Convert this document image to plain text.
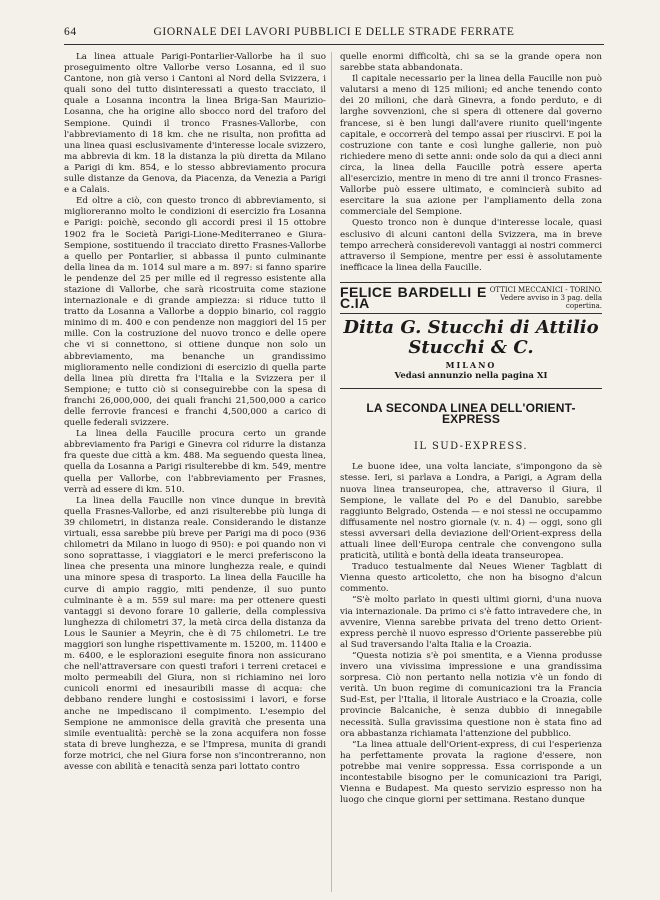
64	GIORNALE DEI LAVORI PUBBLICI E DELLE STRADE FERRATE

La linea attuale Parigi-Pontarlier-Vallorbe ha il suo proseguimento oltre Vallorbe verso Losanna, ed il suo Cantone, non già verso i Cantoni al Nord della Svizzera, i quali sono del tutto disinteressati a questo tracciato, il quale a Losanna incontra la linea Briga-San Maurizio-Losanna, che ha origine allo sbocco nord del traforo del Sempione. Quindi il tronco Frasnes-Vallorbe, con l'abbreviamento di 18 km. che ne risulta, non profitta ad una linea quasi esclusivamente d'interesse locale svizzero, ma abbrevia di km. 18 la distanza la più diretta da Milano a Parigi di km. 854, e lo stesso abbreviamento procura sulle distanze da Genova, da Piacenza, da Venezia a Parigi e a Calais.

Ed oltre a ciò, con questo tronco di abbreviamento, si miglioreranno molto le condizioni di esercizio fra Losanna e Parigi: poichè, secondo gli accordi presi il 15 ottobre 1902 fra le Società Parigi-Lione-Mediterraneo e Giura-Sempione, sostituendo il tracciato diretto Frasnes-Vallorbe a quello per Pontarlier, si abbassa il punto culminante della linea da m. 1014 sul mare a m. 897: si fanno sparire le pendenze del 25 per mille ed il regresso esistente alla stazione di Vallorbe, che sarà ricostruita come stazione internazionale e di grande ampiezza: si riduce tutto il tratto da Losanna a Vallorbe a doppio binario, col raggio minimo di m. 400 e con pendenze non maggiori del 15 per mille. Con la costruzione del nuovo tronco e delle opere che vi si connettono, si ottiene dunque non solo un abbreviamento, ma benanche un grandissimo miglioramento nelle condizioni di esercizio di quella parte della linea più diretta fra l'Italia e la Svizzera per il Sempione; e tutto ciò si conseguirebbe con la spesa di franchi 26,000,000, dei quali franchi 21,500,000 a carico delle ferrovie francesi e franchi 4,500,000 a carico di quelle federali svizzere.

La linea della Faucille procura certo un grande abbreviamento fra Parigi e Ginevra col ridurre la distanza fra queste due città a km. 488. Ma seguendo questa linea, quella da Losanna a Parigi risulterebbe di km. 549, mentre quella per Vallorbe, con l'abbreviamento per Frasnes, verrà ad essere di km. 510.

La linea della Faucille non vince dunque in brevità quella Frasnes-Vallorbe, ed anzi risulterebbe più lunga di 39 chilometri, in distanza reale. Considerando le distanze virtuali, essa sarebbe più breve per Parigi ma di poco (936 chilometri da Milano in luogo di 950): e poi quando non vi sono soprattasse, i viaggiatori e le merci preferiscono la linea che presenta una minore lunghezza reale, e quindi una minore spesa di trasporto. La linea della Faucille ha curve di ampio raggio, miti pendenze, il suo punto culminante è a m. 559 sul mare: ma per ottenere questi vantaggi si devono forare 10 gallerie, della complessiva lunghezza di chilometri 37, la metà circa della distanza da Lous le Saunier a Meyrin, che è di 75 chilometri. Le tre maggiori son lunghe rispettivamente m. 15200, m. 11400 e m. 6400, e le esplorazioni eseguite finora non assicurano che nell'attraversare con questi trafori i terreni cretacei e molto permeabili del Giura, non si richiamino nei loro cunicoli enormi ed inesauribili masse di acqua: che debbano rendere lunghi e costosissimi i lavori, e forse anche ne impediscano il compimento. L'esempio del Sempione ne ammonisce della gravità che presenta una simile eventualità: perchè se la zona acquifera non fosse stata di breve lunghezza, e se l'Impresa, munita di grandi forze motrici, che nel Giura forse non s'incontreranno, non avesse con abilità e tenacità senza pari lottato contro

quelle enormi difficoltà, chi sa se la grande opera non sarebbe stata abbandonata.

Il capitale necessario per la linea della Faucille non può valutarsi a meno di 125 milioni; ed anche tenendo conto dei 20 milioni, che darà Ginevra, a fondo perduto, e di larghe sovvenzioni, che si spera di ottenere dal governo francese, si è ben lungi dall'avere riunito quell'ingente capitale, e occorrerà del tempo assai per riuscirvi. E poi la costruzione con tante e così lunghe gallerie, non può richiedere meno di sette anni: onde solo da qui a dieci anni circa, la linea della Faucille potrà essere aperta all'esercizio, mentre in meno di tre anni il tronco Frasnes-Vallorbe può essere ultimato, e comincierà subito ad esercitare la sua azione per l'ampliamento della zona commerciale del Sempione.

Questo tronco non è dunque d'interesse locale, quasi esclusivo di alcuni cantoni della Svizzera, ma in breve tempo arrecherà considerevoli vantaggi ai nostri commerci attraverso il Sempione, mentre per essi è assolutamente inefficace la linea della Faucille.

FELICE BARDELLI E C.IA
OTTICI MECCANICI - TORINO.
Vedere avviso in 3 pag. della copertina.
Ditta G. Stucchi di Attilio Stucchi & C.
MILANO
Vedasi annunzio nella pagina XI
LA SECONDA LINEA DELL'ORIENT-EXPRESS
IL SUD-EXPRESS.

Le buone idee, una volta lanciate, s'impongono da sè stesse. Ieri, si parlava a Londra, a Parigi, a Agram della nuova linea transeuropea, che, attraverso il Giura, il Sempione, le vallate del Po e del Danubio, sarebbe raggiunto Belgrado, Ostenda — e noi stessi ne occupammo diffusamente nel nostro giornale (v. n. 4) — oggi, sono gli stessi avversari della deviazione dell'Orient-express della attuali linee dell'Europa centrale che convengono sulla praticità, utilità e bontà della ideata transeuropea.

Traduco testualmente dal Neues Wiener Tagblatt di Vienna questo articoletto, che non ha bisogno d'alcun commento.

“S'è molto parlato in questi ultimi giorni, d'una nuova via internazionale. Da primo ci s'è fatto intravedere che, in avvenire, Vienna sarebbe privata del treno detto Orient-express perchè il nuovo espresso d'Oriente passerebbe più al Sud traversando l'alta Italia e la Croazia.

“Questa notizia s'è poi smentita, e a Vienna produsse invero una vivissima impressione e una grandissima sorpresa. Ciò non pertanto nella notizia v'è un fondo di verità. Un buon regime di comunicazioni tra la Francia Sud-Est, per l'Italia, il litorale Austriaco e la Croazia, colle provincie Balcaniche, è senza dubbio di innegabile necessità. Sulla gravissima questione non è stata fino ad ora abbastanza richiamata l'attenzione del pubblico.

“La linea attuale dell'Orient-express, di cui l'esperienza ha perfettamente provata la ragione d'essere, non potrebbe mai venire soppressa. Essa corrisponde a un incontestabile bisogno per le comunicazioni tra Parigi, Vienna e Budapest. Ma questo servizio espresso non ha luogo che cinque giorni per settimana. Restano dunque
